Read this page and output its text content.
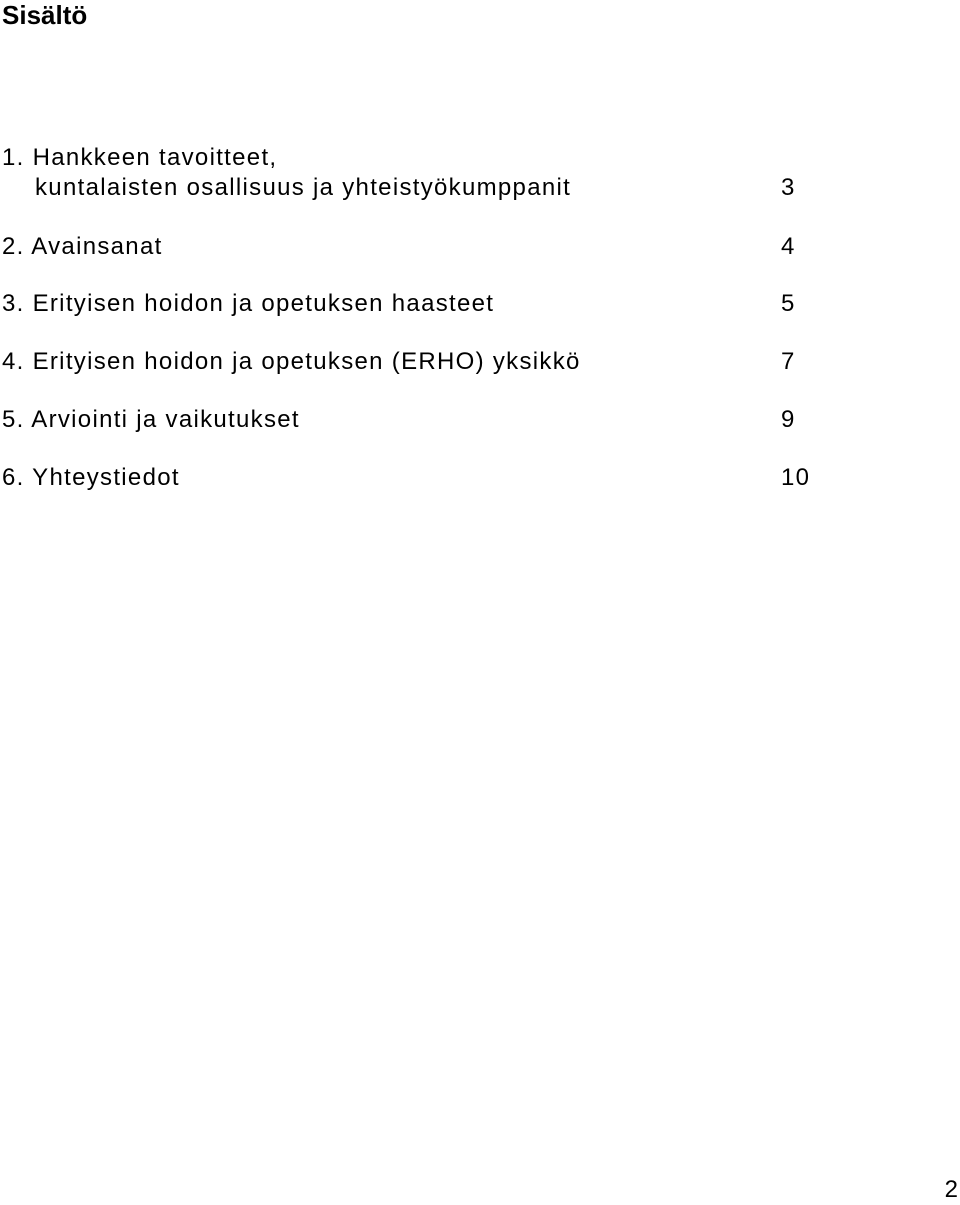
Sisältö
1. Hankkeen tavoitteet,
kuntalaisten osallisuus ja yhteistyökumppanit	3
2. Avainsanat	4
3. Erityisen hoidon ja opetuksen haasteet	5
4. Erityisen hoidon ja opetuksen (ERHO) yksikkö	7
5. Arviointi ja vaikutukset	9
6. Yhteystiedot	10
2
